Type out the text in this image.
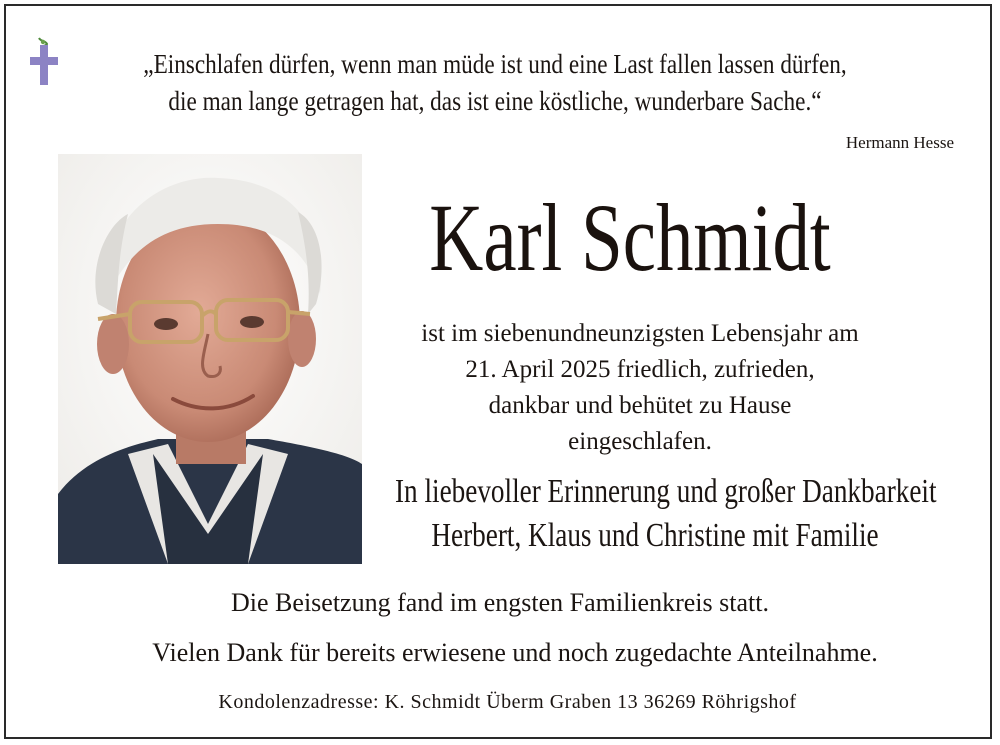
„Einschlafen dürfen, wenn man müde ist und eine Last fallen lassen dürfen,
die man lange getragen hat, das ist eine köstliche, wunderbare Sache.“
Hermann Hesse
Karl Schmidt
ist im siebenundneunzigsten Lebensjahr am
21. April 2025 friedlich, zufrieden,
dankbar und behütet zu Hause
eingeschlafen.
In liebevoller Erinnerung und großer Dankbarkeit
Herbert, Klaus und Christine mit Familie
Die Beisetzung fand im engsten Familienkreis statt.
Vielen Dank für bereits erwiesene und noch zugedachte Anteilnahme.
Kondolenzadresse: K. Schmidt Überm Graben 13 36269 Röhrigshof
